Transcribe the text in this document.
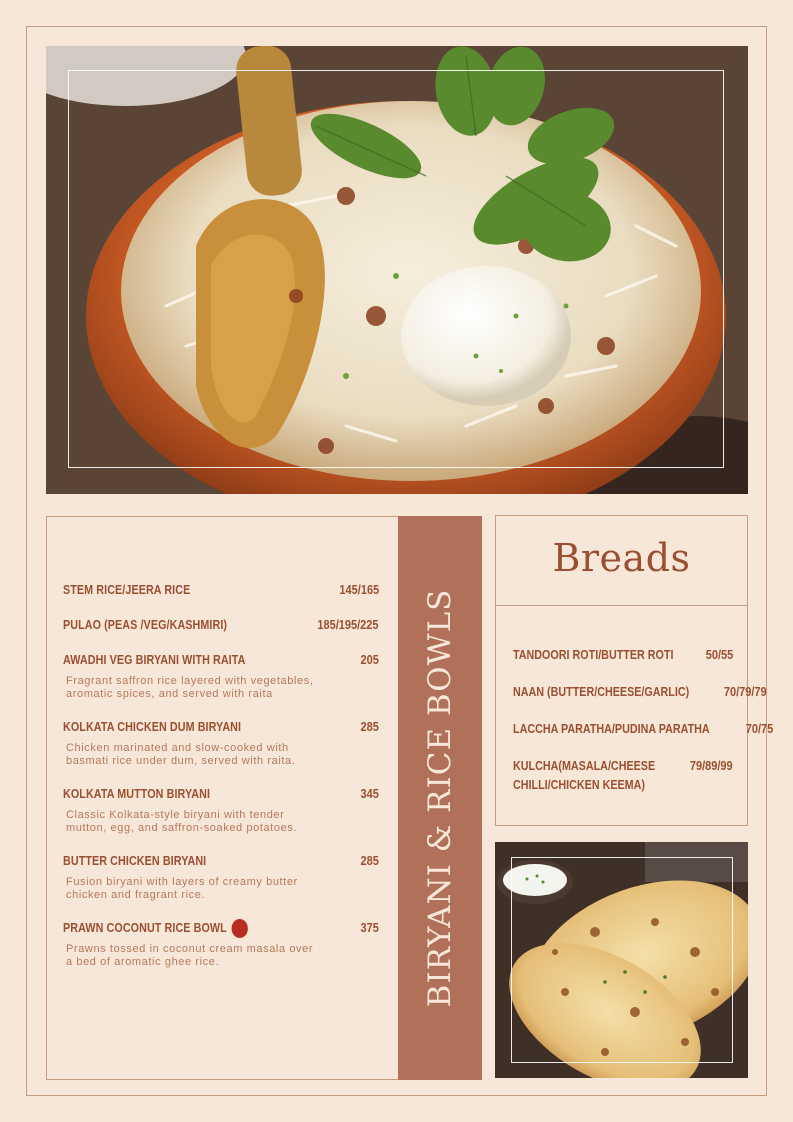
STEM RICE/JEERA RICE	145/165
PULAO (PEAS /VEG/KASHMIRI)	185/195/225
AWADHI VEG BIRYANI WITH RAITA	205
Fragrant saffron rice layered with vegetables, aromatic spices, and served with raita
KOLKATA CHICKEN DUM BIRYANI	285
Chicken marinated and slow-cooked with basmati rice under dum, served with raita.
KOLKATA MUTTON BIRYANI	345
Classic Kolkata-style biryani with tender mutton, egg, and saffron-soaked potatoes.
BUTTER CHICKEN BIRYANI	285
Fusion biryani with layers of creamy butter chicken and fragrant rice.
PRAWN COCONUT RICE BOWL	375
Prawns tossed in coconut cream masala over a bed of aromatic ghee rice.	BIRYANI & RICE BOWLS
Breads
TANDOORI ROTI/BUTTER ROTI	50/55
NAAN (BUTTER/CHEESE/GARLIC)	70/79/79
LACCHA PARATHA/PUDINA PARATHA	70/75
KULCHA(MASALA/CHEESE CHILLI/CHICKEN KEEMA)
79/89/99
